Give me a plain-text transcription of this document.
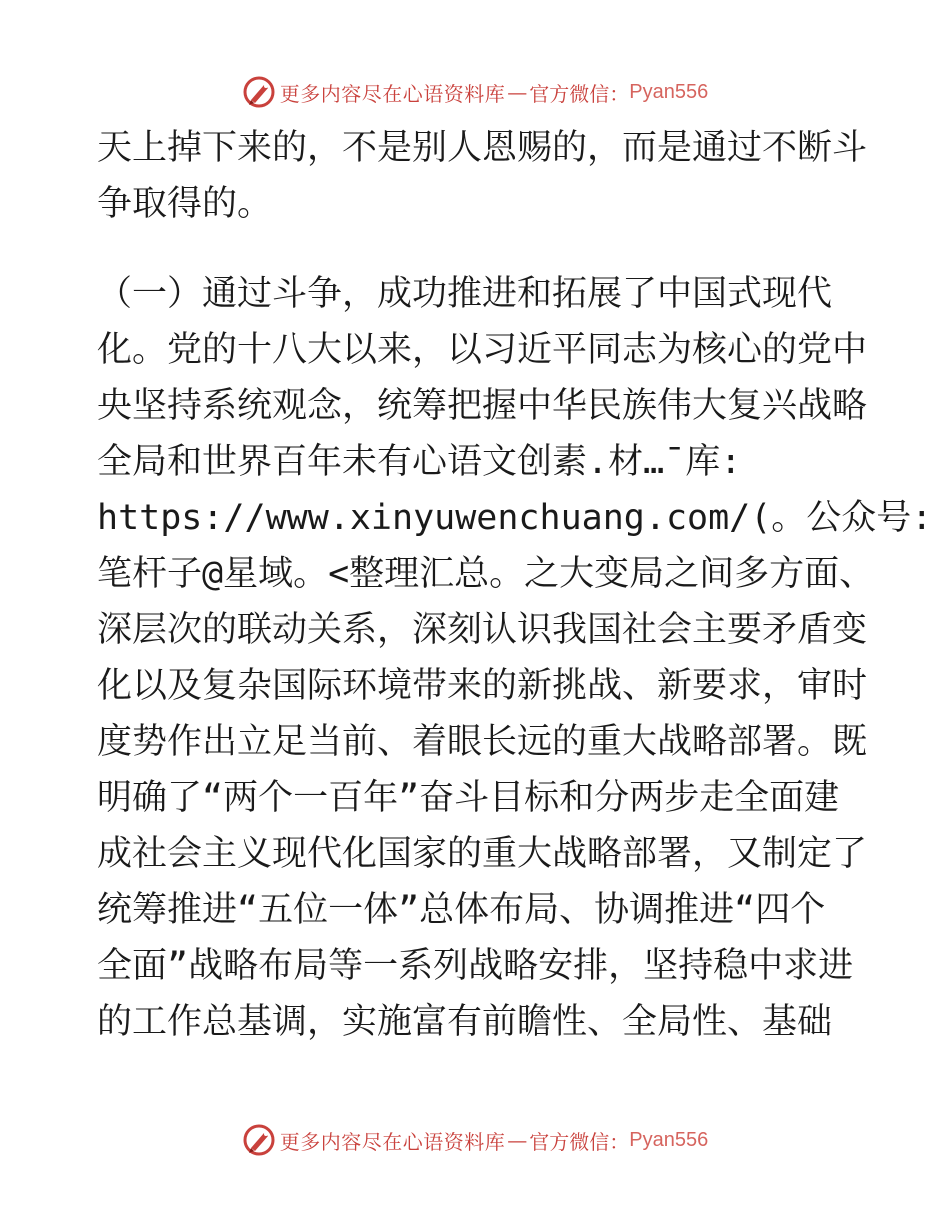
更多内容尽在心语资料库 — 官方微信： Pyan556
天上掉下来的，不是别人恩赐的，而是通过不断斗
争取得的。
（一）通过斗争，成功推进和拓展了中国式现代
化。党的十八大以来，以习近平同志为核心的党中
央坚持系统观念，统筹把握中华民族伟大复兴战略
全局和世界百年未有心语文创素.材…¯库:
https://www.xinyuwenchuang.com/(。公众号:
笔杆子@星域。<整理汇总。之大变局之间多方面、
深层次的联动关系，深刻认识我国社会主要矛盾变
化以及复杂国际环境带来的新挑战、新要求，审时
度势作出立足当前、着眼长远的重大战略部署。既
明确了“两个一百年”奋斗目标和分两步走全面建
成社会主义现代化国家的重大战略部署，又制定了
统筹推进“五位一体”总体布局、协调推进“四个
全面”战略布局等一系列战略安排，坚持稳中求进
的工作总基调，实施富有前瞻性、全局性、基础
更多内容尽在心语资料库 — 官方微信： Pyan556
